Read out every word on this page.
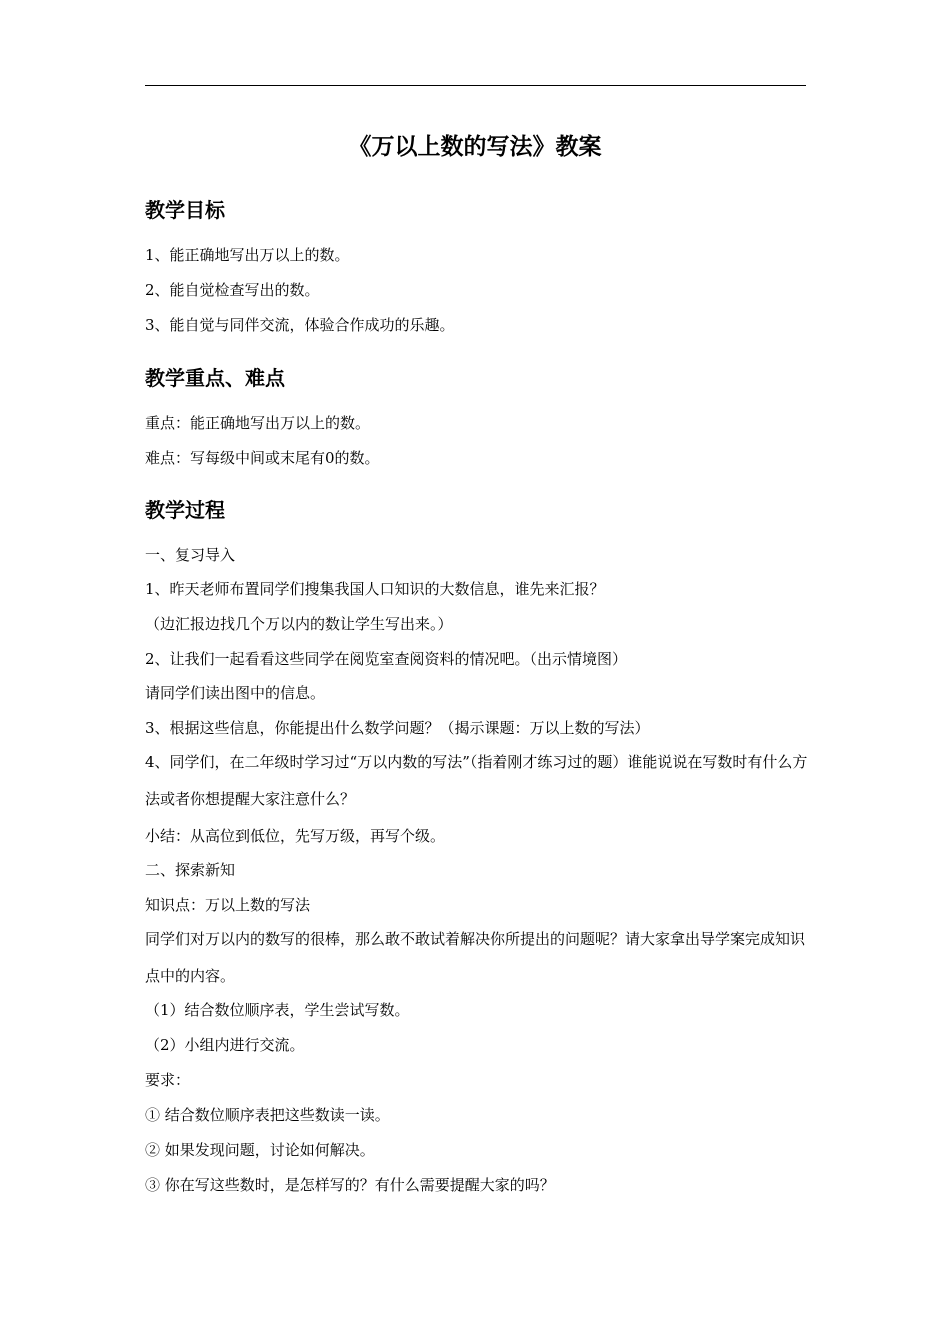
《万以上数的写法》教案
教学目标
1、能正确地写出万以上的数。
2、能自觉检查写出的数。
3、能自觉与同伴交流，体验合作成功的乐趣。
教学重点、难点
重点：能正确地写出万以上的数。
难点：写每级中间或末尾有0的数。
教学过程
一、复习导入
1、昨天老师布置同学们搜集我国人口知识的大数信息，谁先来汇报？
（边汇报边找几个万以内的数让学生写出来。）
2、让我们一起看看这些同学在阅览室查阅资料的情况吧。（出示情境图）
请同学们读出图中的信息。
3、根据这些信息，你能提出什么数学问题？（揭示课题：万以上数的写法）
4、同学们，在二年级时学习过“万以内数的写法”（指着刚才练习过的题）谁能说说在写数时有什么方法或者你想提醒大家注意什么？
小结：从高位到低位，先写万级，再写个级。
二、探索新知
知识点：万以上数的写法
同学们对万以内的数写的很棒，那么敢不敢试着解决你所提出的问题呢？请大家拿出导学案完成知识点中的内容。
（1）结合数位顺序表，学生尝试写数。
（2）小组内进行交流。
要求：
① 结合数位顺序表把这些数读一读。
② 如果发现问题，讨论如何解决。
③ 你在写这些数时，是怎样写的？有什么需要提醒大家的吗？
